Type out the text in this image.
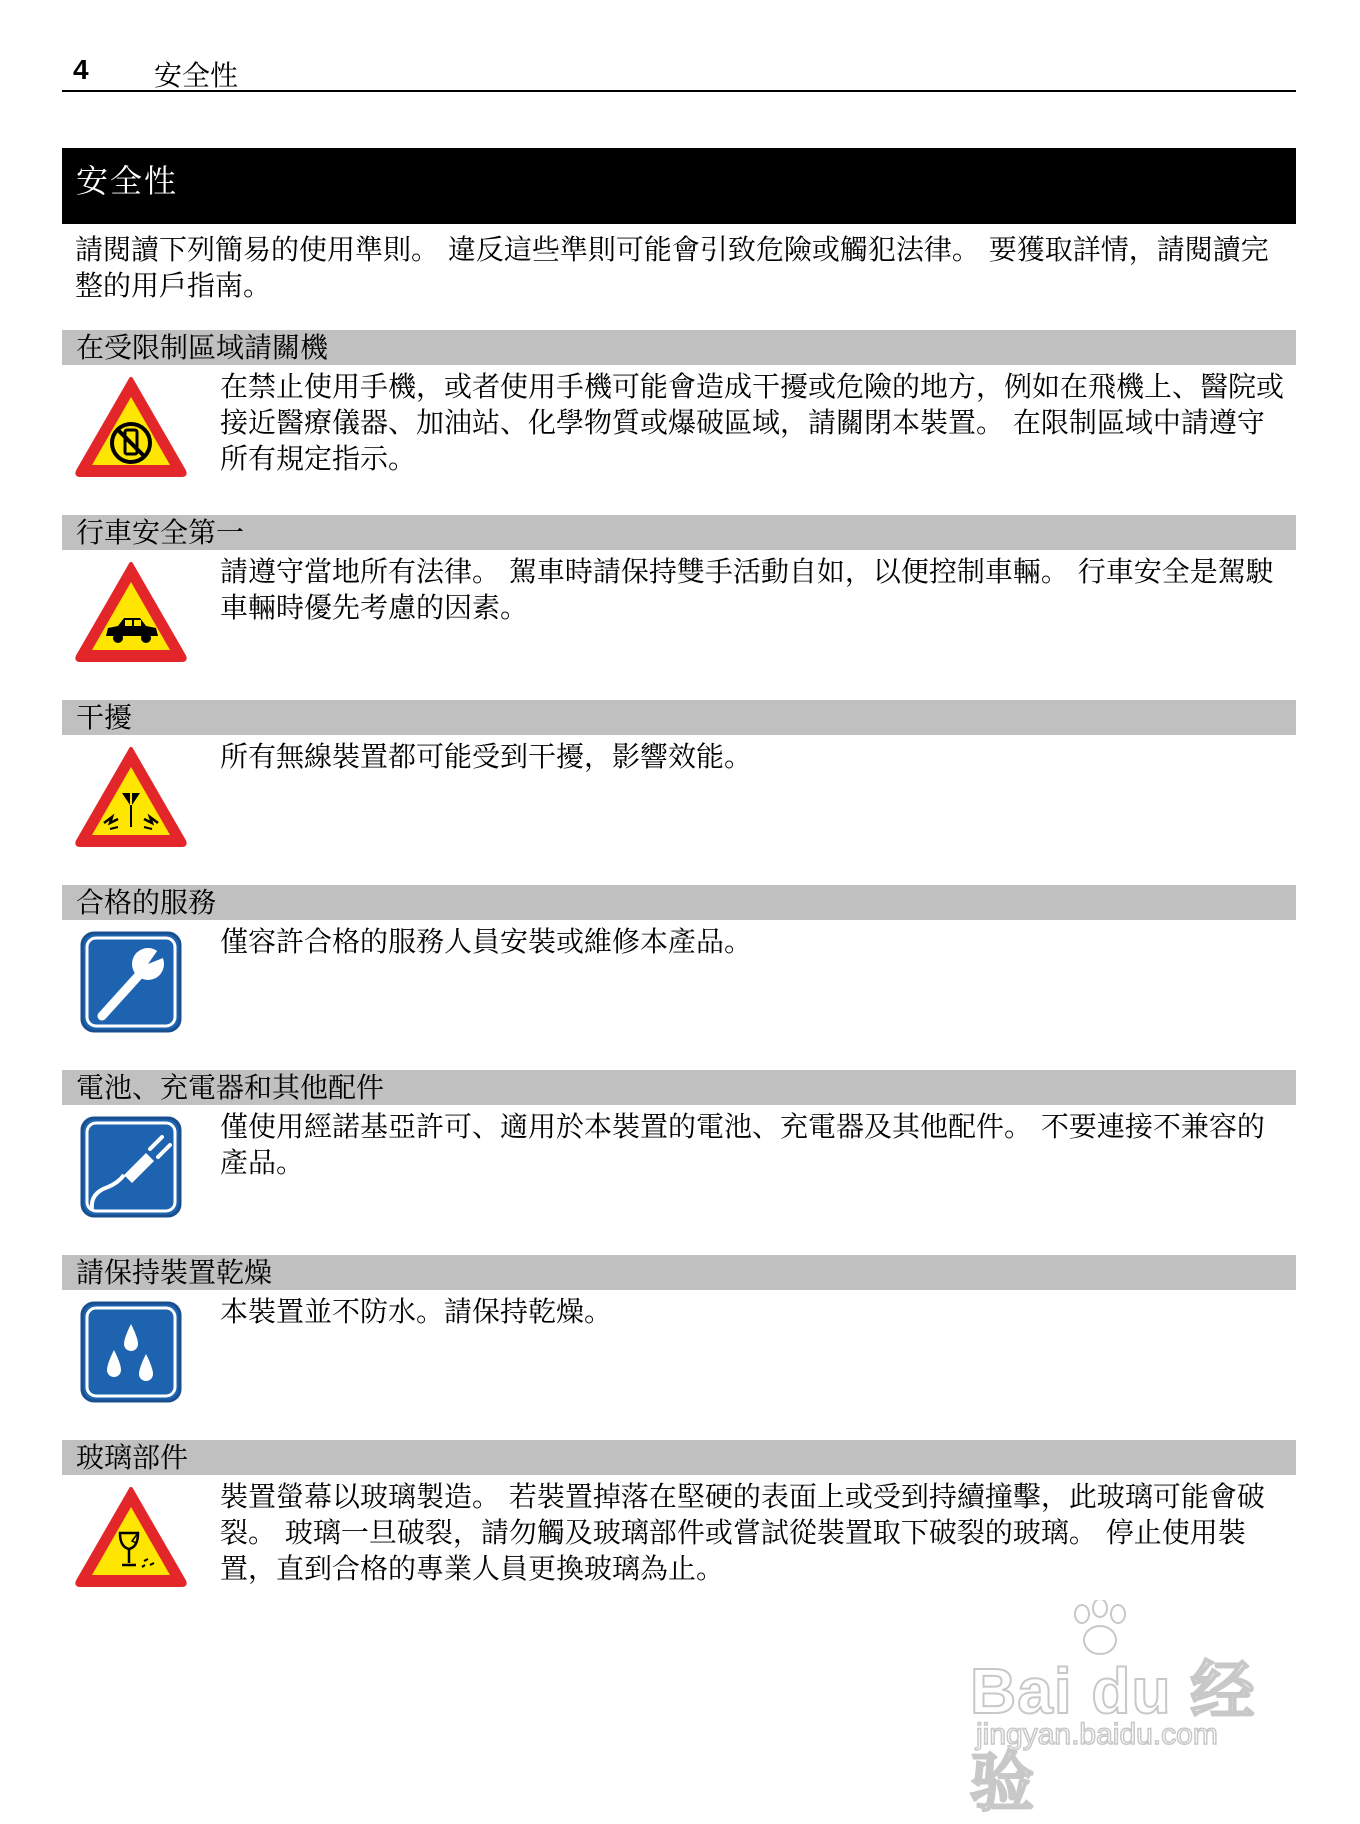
4 安全性
安全性

請閱讀下列簡易的使用準則。 違反這些準則可能會引致危險或觸犯法律。 要獲取詳情，請閱讀完整的用戶指南。

在受限制區域請關機

在禁止使用手機，或者使用手機可能會造成干擾或危險的地方，例如在飛機上、醫院或接近醫療儀器、加油站、化學物質或爆破區域，請關閉本裝置。 在限制區域中請遵守所有規定指示。

行車安全第一

請遵守當地所有法律。 駕車時請保持雙手活動自如，以便控制車輛。 行車安全是駕駛車輛時優先考慮的因素。

干擾

所有無線裝置都可能受到干擾，影響效能。

合格的服務

僅容許合格的服務人員安裝或維修本產品。

電池、充電器和其他配件

僅使用經諾基亞許可、適用於本裝置的電池、充電器及其他配件。 不要連接不兼容的產品。

請保持裝置乾燥

本裝置並不防水。請保持乾燥。

玻璃部件

裝置螢幕以玻璃製造。 若裝置掉落在堅硬的表面上或受到持續撞擊，此玻璃可能會破裂。 玻璃一旦破裂，請勿觸及玻璃部件或嘗試從裝置取下破裂的玻璃。 停止使用裝置，直到合格的專業人員更換玻璃為止。

Bai du 经验
jingyan.baidu.com
